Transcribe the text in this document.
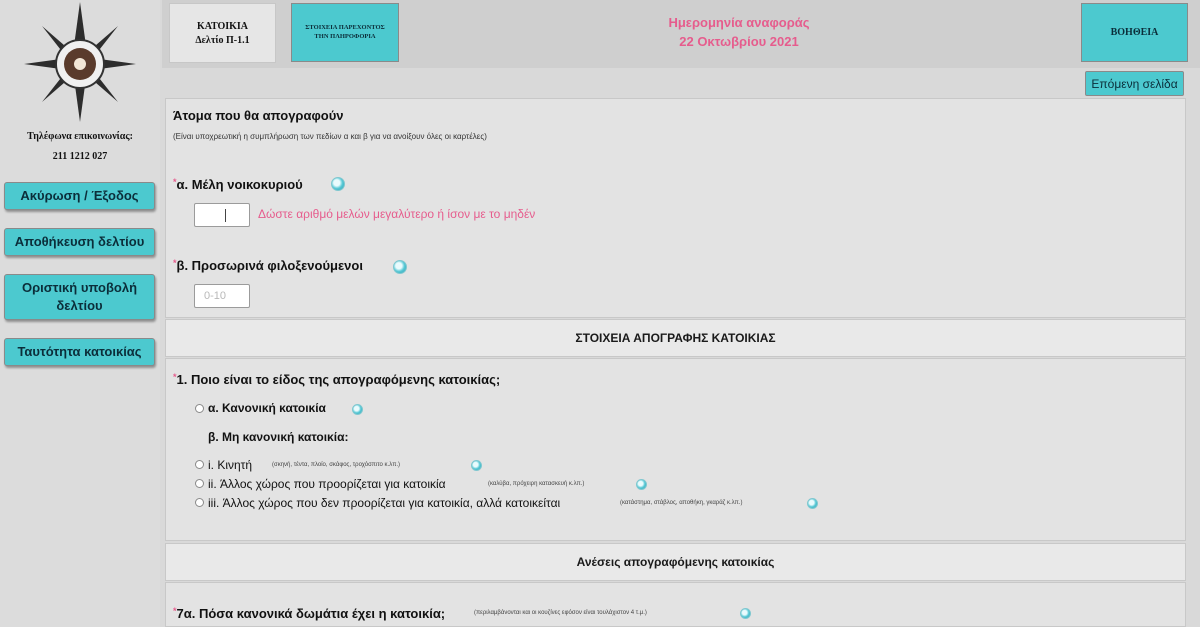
Τηλέφωνα επικοινωνίας:
211 1212 027
Ακύρωση / Έξοδος
Αποθήκευση δελτίου
Οριστική υποβολή δελτίου
Ταυτότητα κατοικίας
ΚΑΤΟΙΚΙΑ
Δελτίο Π-1.1
ΣΤΟΙΧΕΙΑ ΠΑΡΕΧΟΝΤΟΣ ΤΗΝ ΠΛΗΡΟΦΟΡΙΑ
Ημερομηνία αναφοράς
22 Οκτωβρίου 2021
ΒΟΗΘΕΙΑ
Επόμενη σελίδα
Άτομα που θα απογραφούν
(Είναι υποχρεωτική η συμπλήρωση των πεδίων α και β για να ανοίξουν όλες οι καρτέλες)
*α. Μέλη νοικοκυριού
Δώστε αριθμό μελών μεγαλύτερο ή ίσον με το μηδέν
*β. Προσωρινά φιλοξενούμενοι
0-10
ΣΤΟΙΧΕΙΑ ΑΠΟΓΡΑΦΗΣ ΚΑΤΟΙΚΙΑΣ
*1. Ποιο είναι το είδος της απογραφόμενης κατοικίας;
α. Κανονική κατοικία
β. Μη κανονική κατοικία:
i. Κινητή	(σκηνή, τέντα, πλοίο, σκάφος, τροχόσπιτο κ.λπ.)
ii. Άλλος χώρος που προορίζεται για κατοικία	(καλύβα, πρόχειρη κατασκευή κ.λπ.)
iii. Άλλος χώρος που δεν προορίζεται για κατοικία, αλλά κατοικείται	(κατάστημα, στάβλος, αποθήκη, γκαράζ κ.λπ.)
Ανέσεις απογραφόμενης κατοικίας
*7α. Πόσα κανονικά δωμάτια έχει η κατοικία;	(περιλαμβάνονται και οι κουζίνες εφόσον είναι τουλάχιστον 4 τ.μ.)
